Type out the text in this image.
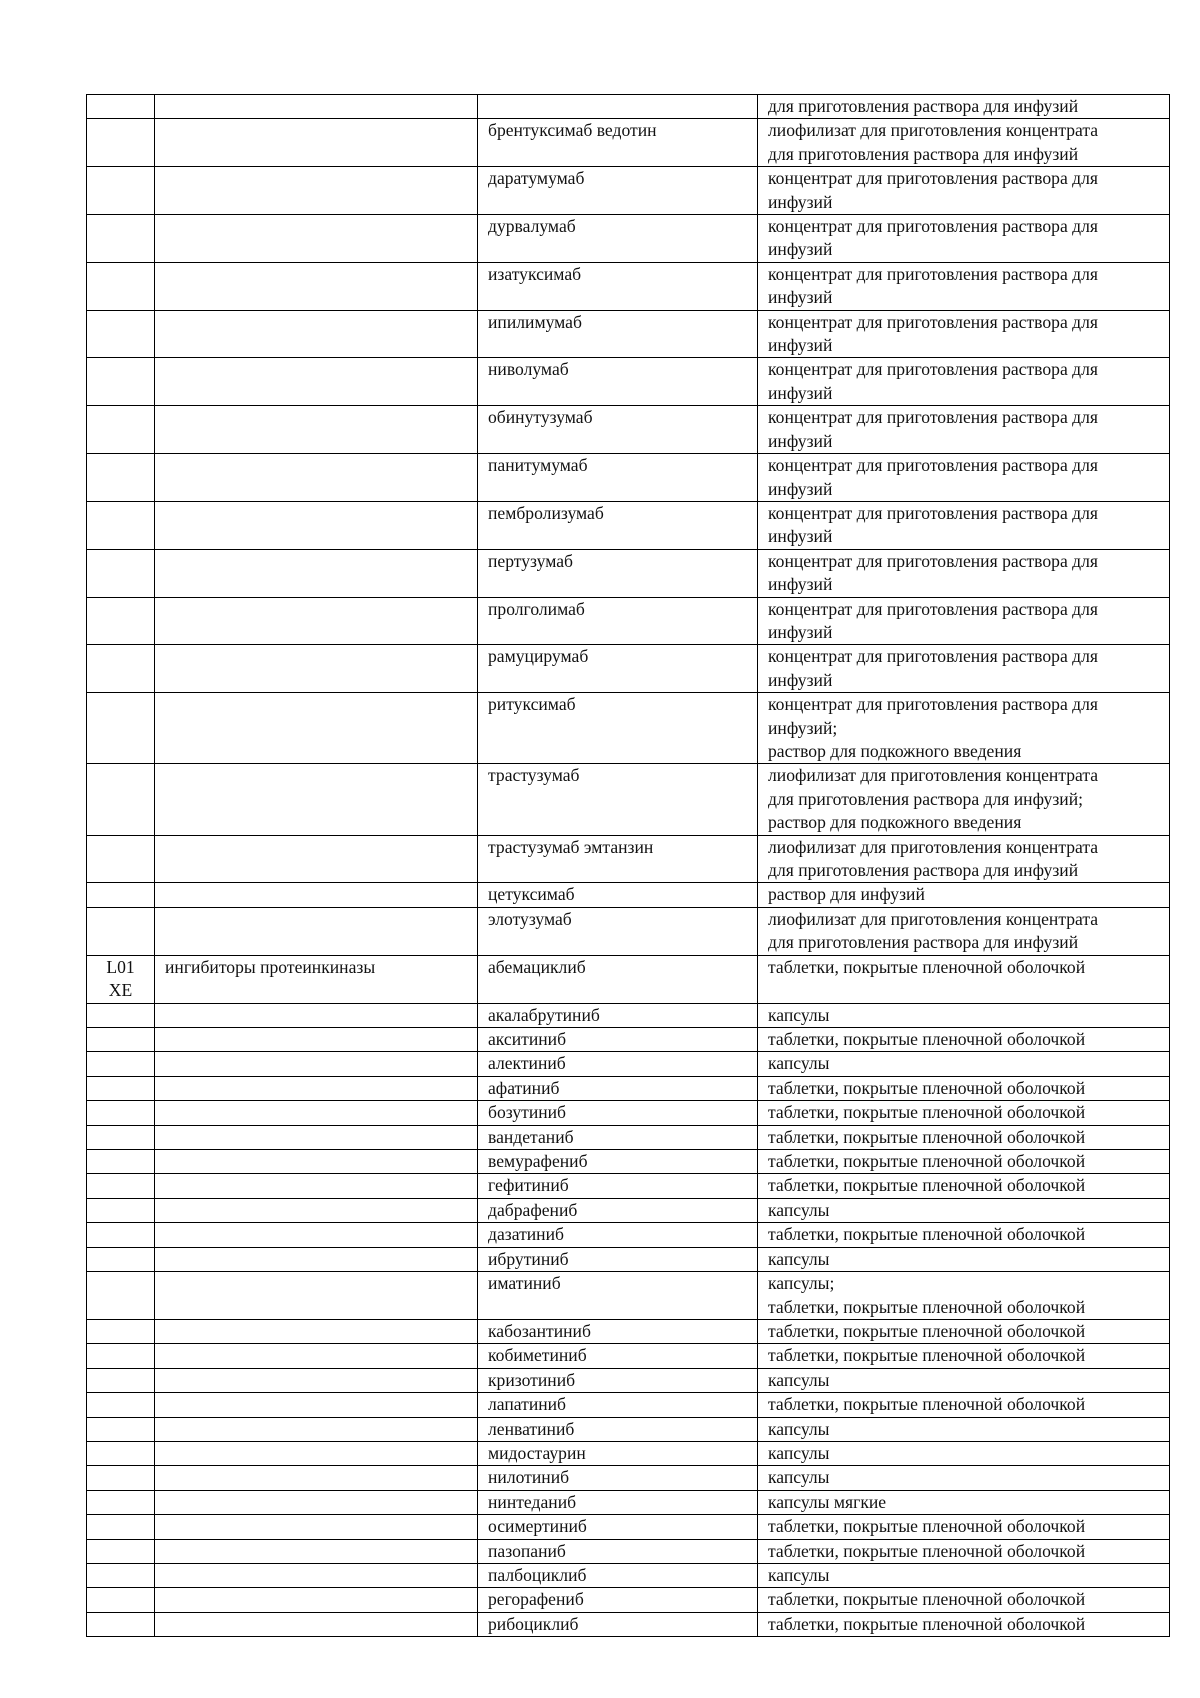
			для приготовления раствора для инфузий

		брентуксимаб ведотин	лиофилизат для приготовления концентрата
для приготовления раствора для инфузий

		даратумумаб	концентрат для приготовления раствора для
инфузий

		дурвалумаб	концентрат для приготовления раствора для
инфузий

		изатуксимаб	концентрат для приготовления раствора для
инфузий

		ипилимумаб	концентрат для приготовления раствора для
инфузий

		ниволумаб	концентрат для приготовления раствора для
инфузий

		обинутузумаб	концентрат для приготовления раствора для
инфузий

		панитумумаб	концентрат для приготовления раствора для
инфузий

		пембролизумаб	концентрат для приготовления раствора для
инфузий

		пертузумаб	концентрат для приготовления раствора для
инфузий

		пролголимаб	концентрат для приготовления раствора для
инфузий

		рамуцирумаб	концентрат для приготовления раствора для
инфузий

		ритуксимаб	концентрат для приготовления раствора для
инфузий;
раствор для подкожного введения

		трастузумаб	лиофилизат для приготовления концентрата
для приготовления раствора для инфузий;
раствор для подкожного введения

		трастузумаб эмтанзин	лиофилизат для приготовления концентрата
для приготовления раствора для инфузий

		цетуксимаб	раствор для инфузий

		элотузумаб	лиофилизат для приготовления концентрата
для приготовления раствора для инфузий

L01
XE	ингибиторы протеинкиназы	абемациклиб	таблетки, покрытые пленочной оболочкой

		акалабрутиниб	капсулы

		акситиниб	таблетки, покрытые пленочной оболочкой

		алектиниб	капсулы

		афатиниб	таблетки, покрытые пленочной оболочкой

		бозутиниб	таблетки, покрытые пленочной оболочкой

		вандетаниб	таблетки, покрытые пленочной оболочкой

		вемурафениб	таблетки, покрытые пленочной оболочкой

		гефитиниб	таблетки, покрытые пленочной оболочкой

		дабрафениб	капсулы

		дазатиниб	таблетки, покрытые пленочной оболочкой

		ибрутиниб	капсулы

		иматиниб	капсулы;
таблетки, покрытые пленочной оболочкой

		кабозантиниб	таблетки, покрытые пленочной оболочкой

		кобиметиниб	таблетки, покрытые пленочной оболочкой

		кризотиниб	капсулы

		лапатиниб	таблетки, покрытые пленочной оболочкой

		ленватиниб	капсулы

		мидостаурин	капсулы

		нилотиниб	капсулы

		нинтеданиб	капсулы мягкие

		осимертиниб	таблетки, покрытые пленочной оболочкой

		пазопаниб	таблетки, покрытые пленочной оболочкой

		палбоциклиб	капсулы

		регорафениб	таблетки, покрытые пленочной оболочкой

		рибоциклиб	таблетки, покрытые пленочной оболочкой
